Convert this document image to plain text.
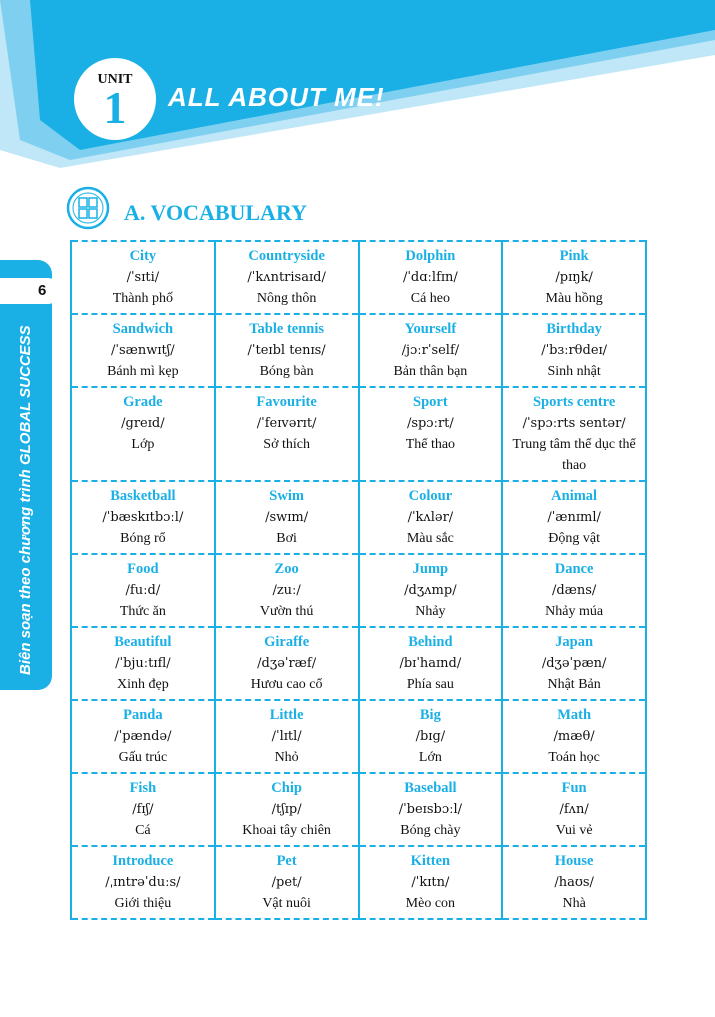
UNIT
1	ALL ABOUT ME!
6
Biên soạn theo chương trình GLOBAL SUCCESS
A. VOCABULARY
City
/ˈsɪti/
Thành phố	Countryside
/ˈkʌntrisaɪd/
Nông thôn	Dolphin
/ˈdɑːlfɪn/
Cá heo	Pink
/pɪŋk/
Màu hồng

Sandwich
/ˈsænwɪtʃ/
Bánh mì kẹp	Table tennis
/ˈteɪbl tenɪs/
Bóng bàn	Yourself
/jɔːrˈself/
Bản thân bạn	Birthday
/ˈbɜːrθdeɪ/
Sinh nhật

Grade
/greɪd/
Lớp	Favourite
/ˈfeɪvərɪt/
Sở thích	Sport
/spɔːrt/
Thể thao	Sports centre
/ˈspɔːrts sentər/
Trung tâm thể dục thể thao

Basketball
/ˈbæskɪtbɔːl/
Bóng rổ	Swim
/swɪm/
Bơi	Colour
/ˈkʌlər/
Màu sắc	Animal
/ˈænɪml/
Động vật

Food
/fuːd/
Thức ăn	Zoo
/zuː/
Vườn thú	Jump
/dʒʌmp/
Nhảy	Dance
/dæns/
Nhảy múa

Beautiful
/ˈbjuːtɪfl/
Xinh đẹp	Giraffe
/dʒəˈræf/
Hươu cao cổ	Behind
/bɪˈhaɪnd/
Phía sau	Japan
/dʒəˈpæn/
Nhật Bản

Panda
/ˈpændə/
Gấu trúc	Little
/ˈlɪtl/
Nhỏ	Big
/bɪg/
Lớn	Math
/mæθ/
Toán học

Fish
/fɪʃ/
Cá	Chip
/tʃɪp/
Khoai tây chiên	Baseball
/ˈbeɪsbɔːl/
Bóng chày	Fun
/fʌn/
Vui vẻ

Introduce
/ˌɪntrəˈduːs/
Giới thiệu	Pet
/pet/
Vật nuôi	Kitten
/ˈkɪtn/
Mèo con	House
/haʊs/
Nhà
